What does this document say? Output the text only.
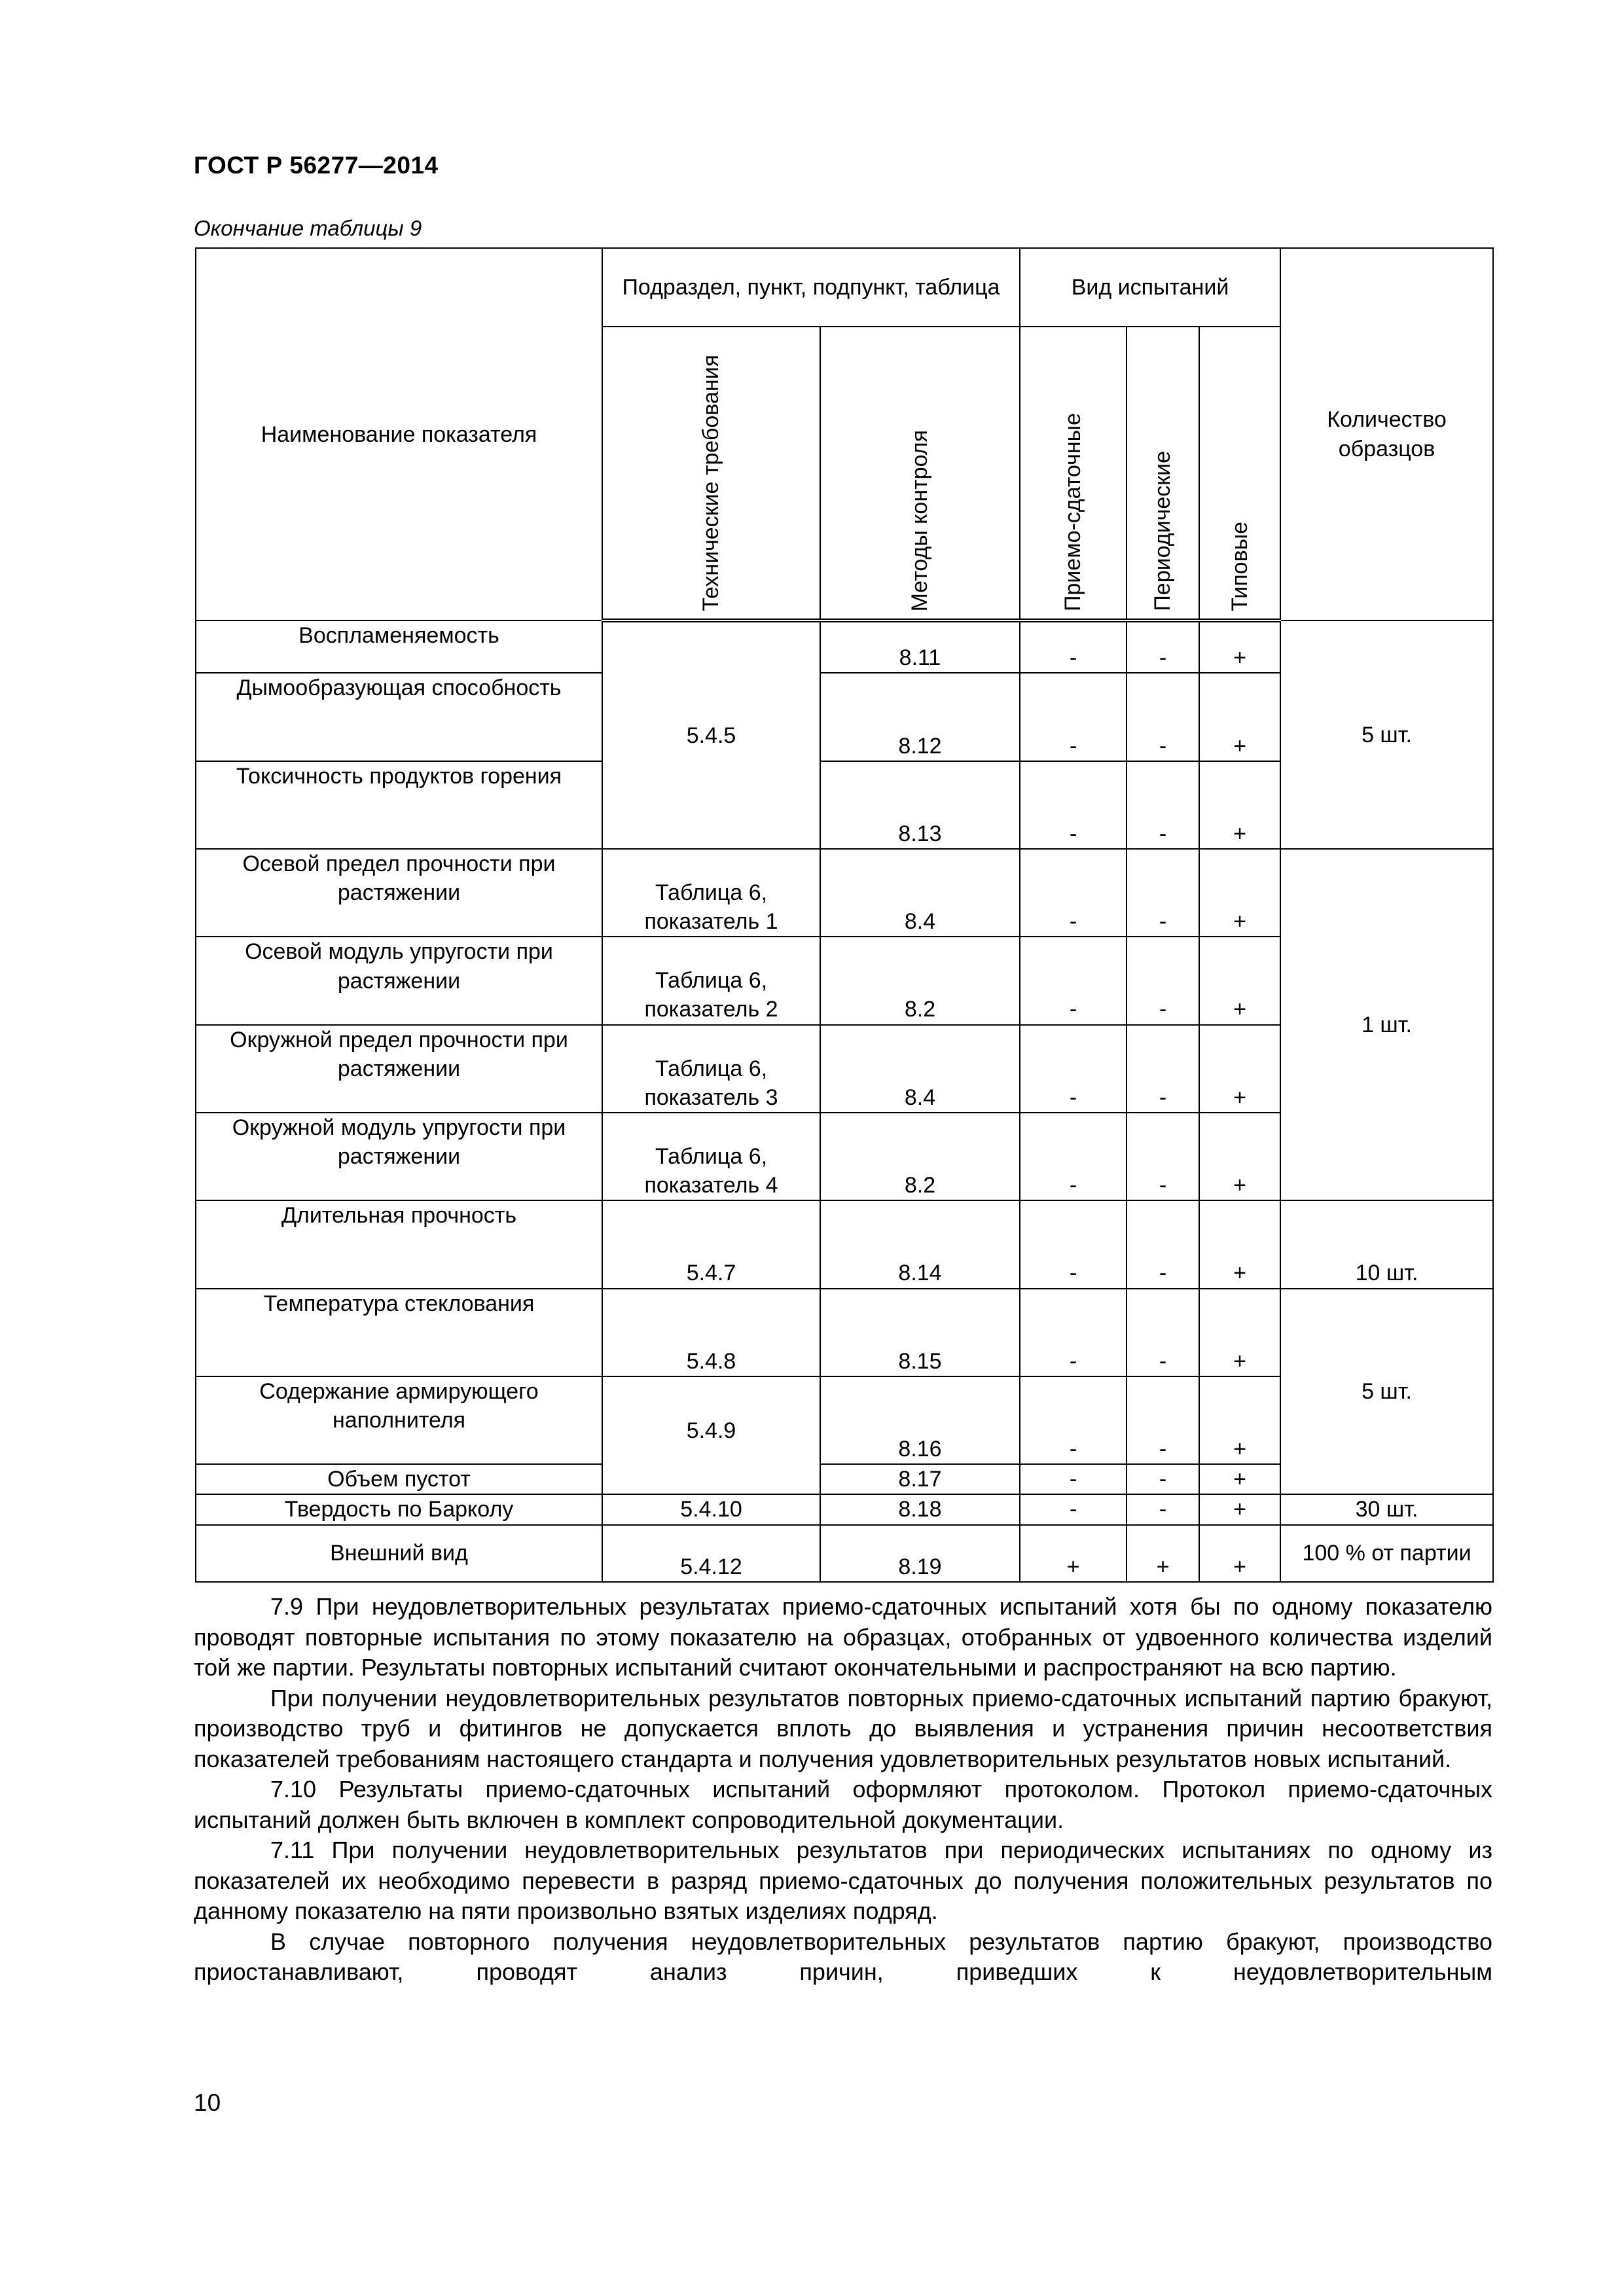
ГОСТ Р 56277—2014
Окончание таблицы 9
Наименование показателя	Подраздел, пункт, подпункт, таблица		Вид испытаний			Количество образцов
	Технические требования	Методы контроля	Приемо-сдаточные	Периодические	Типовые	
Воспламеняемость	5.4.5	8.11	-	-	+	5 шт.
Дымообразующая способность		8.12	-	-	+	
Токсичность продуктов горения		8.13	-	-	+	
Осевой предел прочности при растяжении	Таблица 6, показатель 1	8.4	-	-	+	1 шт.
Осевой модуль упругости при растяжении	Таблица 6, показатель 2	8.2	-	-	+	
Окружной предел прочности при растяжении	Таблица 6, показатель 3	8.4	-	-	+	
Окружной модуль упругости при растяжении	Таблица 6, показатель 4	8.2	-	-	+	
Длительная прочность	5.4.7	8.14	-	-	+	10 шт.
Температура стеклования	5.4.8	8.15	-	-	+	5 шт.
Содержание армирующего наполнителя	5.4.9	8.16	-	-	+	
Объем пустот		8.17	-	-	+	
Твердость по Барколу	5.4.10	8.18	-	-	+	30 шт.
Внешний вид	5.4.12	8.19	+	+	+	100 % от партии

7.9 При неудовлетворительных результатах приемо-сдаточных испытаний хотя бы по одному показателю проводят повторные испытания по этому показателю на образцах, отобранных от удвоенного количества изделий той же партии. Результаты повторных испытаний считают окончательными и распространяют на всю партию.

При получении неудовлетворительных результатов повторных приемо-сдаточных испытаний партию бракуют, производство труб и фитингов не допускается вплоть до выявления и устранения причин несоответствия показателей требованиям настоящего стандарта и получения удовлетворительных результатов новых испытаний.

7.10 Результаты приемо-сдаточных испытаний оформляют протоколом. Протокол приемо-сдаточных испытаний должен быть включен в комплект сопроводительной документации.

7.11 При получении неудовлетворительных результатов при периодических испытаниях по одному из показателей их необходимо перевести в разряд приемо-сдаточных до получения положительных результатов по данному показателю на пяти произвольно взятых изделиях подряд.

В случае повторного получения неудовлетворительных результатов партию бракуют, производство приостанавливают, проводят анализ причин, приведших к неудовлетворительным

10
